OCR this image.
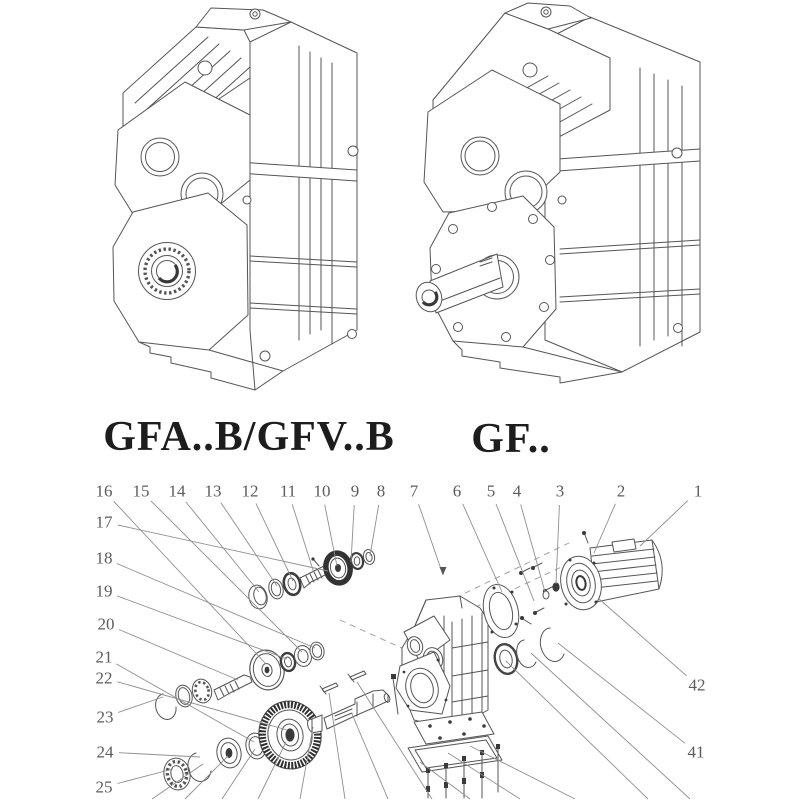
GFA..B/GFV..B GF..
1
2
3
4
5
6
7
8
9
10
11
12
13
14
15
16
17
18
19
20
21
22
23
24
25
41
42
